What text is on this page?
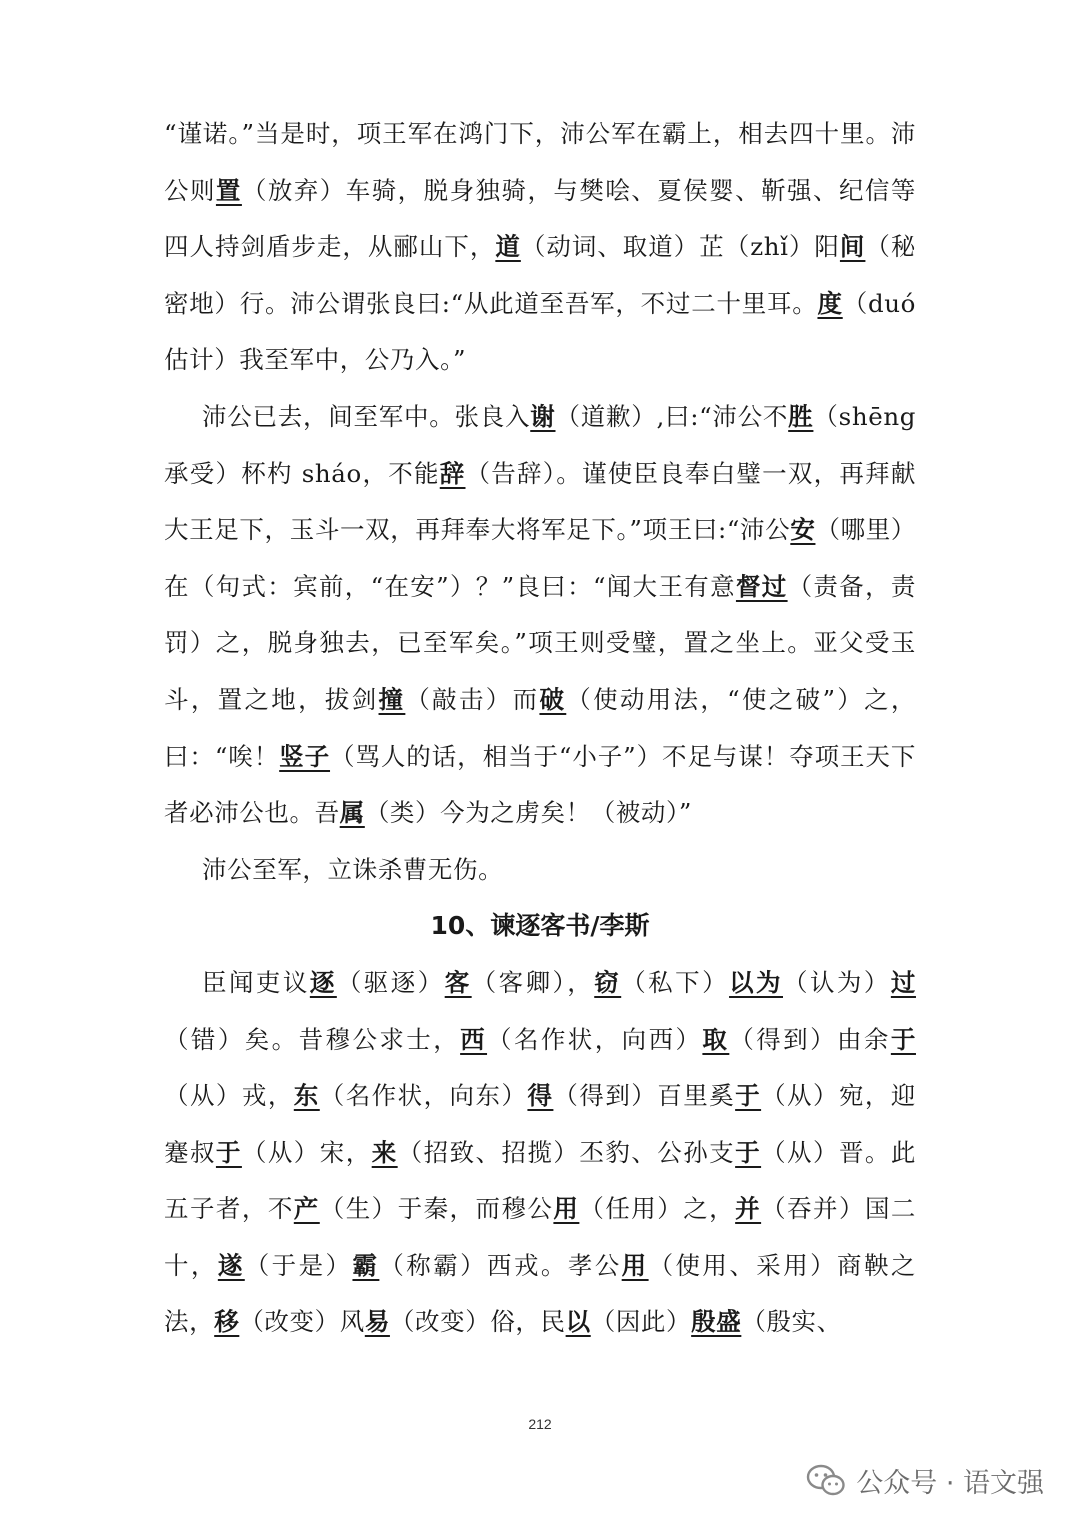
“谨诺。”当是时，项王军在鸿门下，沛公军在霸上，相去四十里。沛公则置（放弃）车骑，脱身独骑，与樊哙、夏侯婴、靳强、纪信等四人持剑盾步走，从郦山下，道（动词、取道）芷（zhǐ）阳间（秘密地）行。沛公谓张良曰:“从此道至吾军，不过二十里耳。度（duó估计）我至军中，公乃入。”

沛公已去，间至军中。张良入谢（道歉）,曰:“沛公不胜（shēng承受）杯杓 sháo，不能辞（告辞）。谨使臣良奉白璧一双，再拜献大王足下，玉斗一双，再拜奉大将军足下。”项王曰:“沛公安（哪里）在（句式：宾前，“在安”）？”良曰：“闻大王有意督过（责备，责罚）之，脱身独去，已至军矣。”项王则受璧，置之坐上。亚父受玉斗，置之地，拔剑撞（敲击）而破（使动用法，“使之破”）之，曰：“唉！竖子（骂人的话，相当于“小子”）不足与谋！夺项王天下者必沛公也。吾属（类）今为之虏矣！（被动）”

沛公至军，立诛杀曹无伤。

10、谏逐客书/李斯

臣闻吏议逐（驱逐）客（客卿），窃（私下）以为（认为）过（错）矣。昔穆公求士，西（名作状，向西）取（得到）由余于（从）戎，东（名作状，向东）得（得到）百里奚于（从）宛，迎蹇叔于（从）宋，来（招致、招揽）丕豹、公孙支于（从）晋。此五子者，不产（生）于秦，而穆公用（任用）之，并（吞并）国二十，遂（于是）霸（称霸）西戎。孝公用（使用、采用）商鞅之法，移（改变）风易（改变）俗，民以（因此）殷盛（殷实、

212
公众号 · 语文强
